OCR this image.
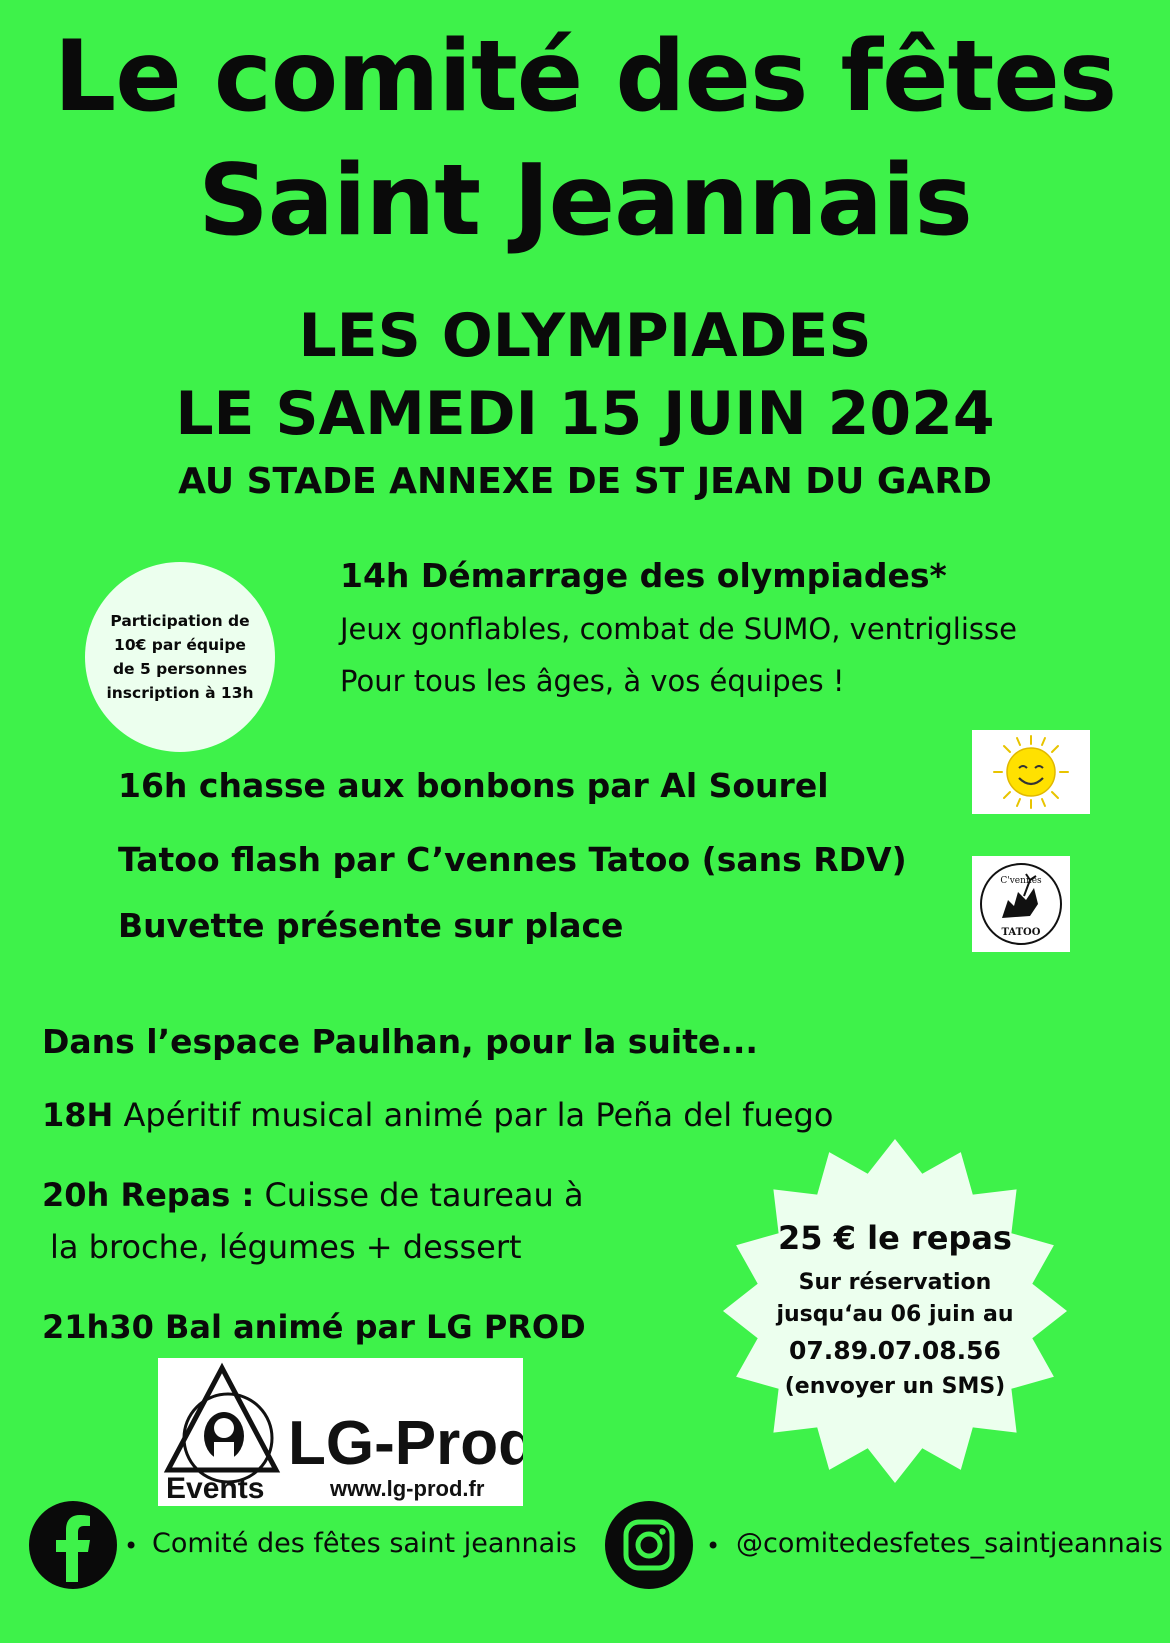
Le comité des fêtes
Saint Jeannais
LES OLYMPIADES
LE SAMEDI 15 JUIN 2024
AU STADE ANNEXE DE ST JEAN DU GARD
Participation de
10€ par équipe
de 5 personnes
inscription à 13h
14h Démarrage des olympiades*
Jeux gonflables, combat de SUMO, ventriglisse
Pour tous les âges, à vos équipes !
16h chasse aux bonbons par Al Sourel
Tatoo flash par C’vennes Tatoo (sans RDV)
Buvette présente sur place
C'vennes
TATOO
Dans l’espace Paulhan, pour la suite...
18H Apéritif musical animé par la Peña del fuego
20h Repas : Cuisse de taureau à
la broche, légumes + dessert
21h30 Bal animé par LG PROD
LG-Prod
Events	www.lg-prod.fr
25 € le repas
Sur réservation
jusqu‘au 06 juin au
07.89.07.08.56
(envoyer un SMS)
• Comité des fêtes saint jeannais	• @comitedesfetes_saintjeannais
